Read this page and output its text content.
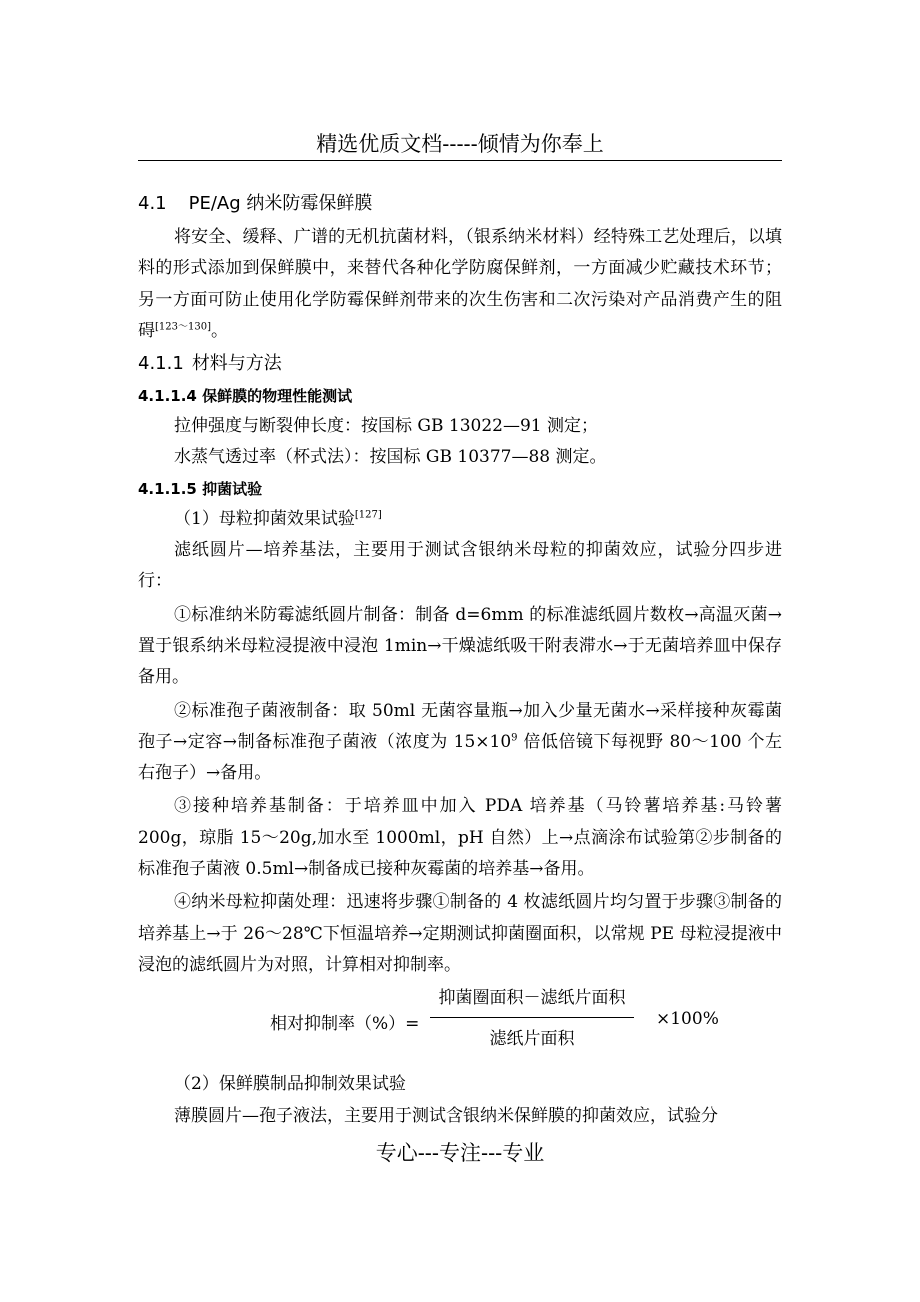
精选优质文档-----倾情为你奉上
4.1 PE/Ag 纳米防霉保鲜膜

将安全、缓释、广谱的无机抗菌材料，（银系纳米材料）经特殊工艺处理后，以填料的形式添加到保鲜膜中，来替代各种化学防腐保鲜剂，一方面减少贮藏技术环节；另一方面可防止使用化学防霉保鲜剂带来的次生伤害和二次污染对产品消费产生的阻碍[123～130]。

4.1.1 材料与方法
4.1.1.4 保鲜膜的物理性能测试

拉伸强度与断裂伸长度：按国标 GB 13022—91 测定；

水蒸气透过率（杯式法）：按国标 GB 10377—88 测定。

4.1.1.5 抑菌试验

（1）母粒抑菌效果试验[127]

滤纸圆片—培养基法，主要用于测试含银纳米母粒的抑菌效应，试验分四步进行：

①标准纳米防霉滤纸圆片制备：制备 d=6mm 的标准滤纸圆片数枚→高温灭菌→置于银系纳米母粒浸提液中浸泡 1min→干燥滤纸吸干附表滞水→于无菌培养皿中保存备用。

②标准孢子菌液制备：取 50ml 无菌容量瓶→加入少量无菌水→采样接种灰霉菌孢子→定容→制备标准孢子菌液（浓度为 $15\times 10^9$ 倍低倍镜下每视野 80～100 个左右孢子）→备用。

③接种培养基制备：于培养皿中加入 PDA 培养基（马铃薯培养基:马铃薯 200g，琼脂 15～20g,加水至 1000ml，pH 自然）上→点滴涂布试验第②步制备的标准孢子菌液 0.5ml→制备成已接种灰霉菌的培养基→备用。

④纳米母粒抑菌处理：迅速将步骤①制备的 4 枚滤纸圆片均匀置于步骤③制备的培养基上→于 26～28℃下恒温培养→定期测试抑菌圈面积，以常规 PE 母粒浸提液中浸泡的滤纸圆片为对照，计算相对抑制率。

相对抑制率（%）=
抑菌圈面积－滤纸片面积
滤纸片面积
×100%

（2）保鲜膜制品抑制效果试验

薄膜圆片—孢子液法，主要用于测试含银纳米保鲜膜的抑菌效应，试验分

专心---专注---专业
